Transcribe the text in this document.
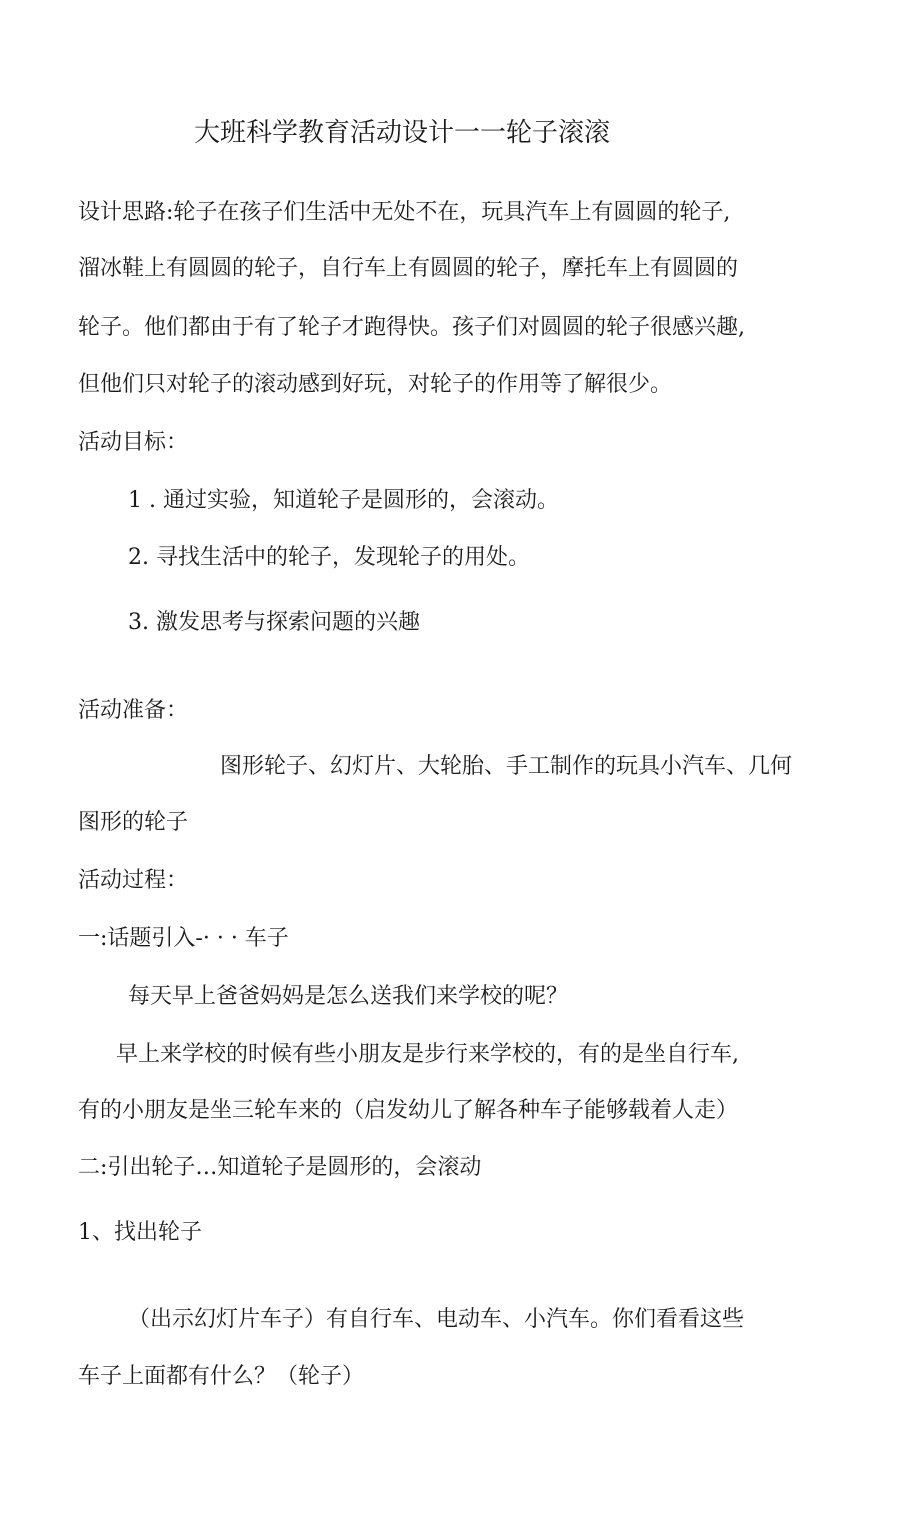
大班科学教育活动设计一一轮子滚滚
设计思路:轮子在孩子们生活中无处不在，玩具汽车上有圆圆的轮子,
溜冰鞋上有圆圆的轮子，自行车上有圆圆的轮子，摩托车上有圆圆的
轮子。他们都由于有了轮子才跑得快。孩子们对圆圆的轮子很感兴趣,
但他们只对轮子的滚动感到好玩，对轮子的作用等了解很少。
活动目标：
1 . 通过实验，知道轮子是圆形的，会滚动。
2. 寻找生活中的轮子，发现轮子的用处。
3. 激发思考与探索问题的兴趣
活动准备：
图形轮子、幻灯片、大轮胎、手工制作的玩具小汽车、几何
图形的轮子
活动过程：
一:话题引入-· · · 车子
每天早上爸爸妈妈是怎么送我们来学校的呢？
早上来学校的时候有些小朋友是步行来学校的，有的是坐自行车,
有的小朋友是坐三轮车来的（启发幼儿了解各种车子能够载着人走）
二:引出轮子…知道轮子是圆形的，会滚动
1、找出轮子
（出示幻灯片车子）有自行车、电动车、小汽车。你们看看这些
车子上面都有什么？（轮子）
